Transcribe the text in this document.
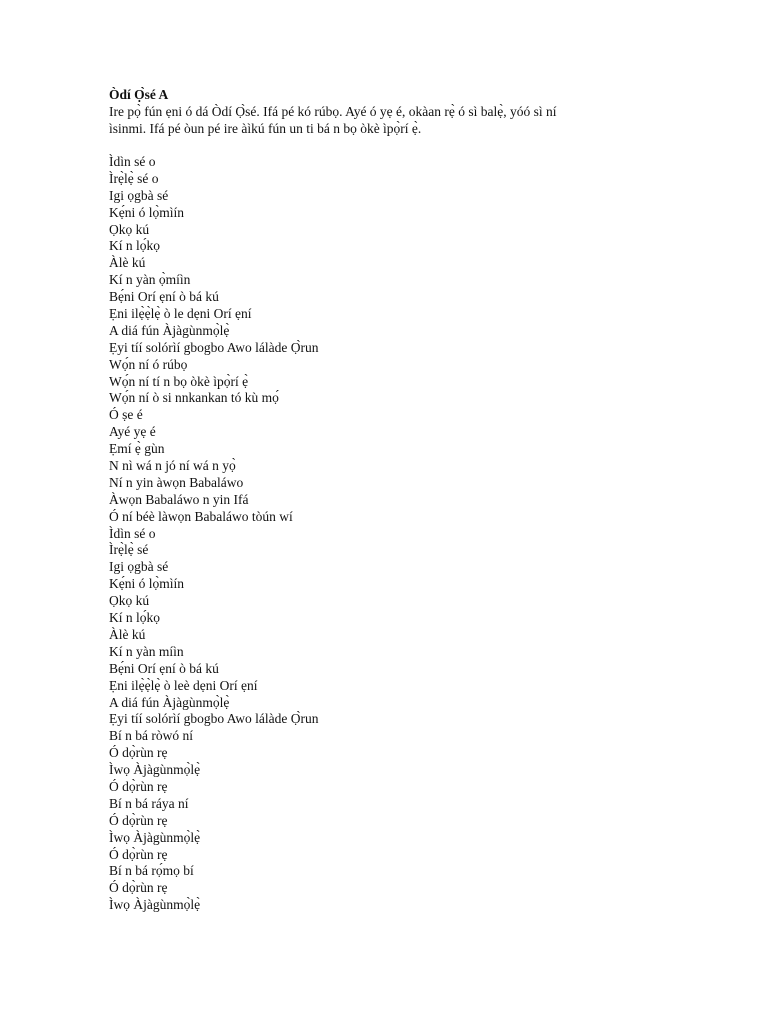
Òdí Ọ̀sé A
Ire pọ̀ fún ẹni ó dá Òdí Ọ̀sé. Ifá pé kó rúbọ. Ayé ó yẹ é, okàan rẹ̀ ó sì balẹ̀, yóó sì ní
ìsinmi. Ifá pé òun pé ire àìkú fún un ti bá n bọ òkè ìpọ̀rí ẹ̀.
Ìdìn sé o
Ìrẹ̀lẹ̀ sé o
Igi ọgbà sé
Kẹ́ni ó lọ̀mìín
Ọkọ kú
Kí n lọ́kọ
Àlè kú
Kí n yàn ọ̀míìn
Bẹ́ni Orí ẹní ò bá kú
Ẹni ilẹ̀ẹ̀lẹ̀ ò le dẹni Orí ẹní
A diá fún Àjàgùnmọ̀lẹ̀
Ẹyi tíí solórìí gbogbo Awo lálàde Ọ̀run
Wọ́n ní ó rúbọ
Wọ́n ní tí n bọ òkè ìpọ̀rí ẹ̀
Wọ́n ní ò si nnkankan tó kù mọ́
Ó ṣe é
Ayé yẹ é
Ẹmí ẹ̀ gùn
N nì wá n jó ní wá n yọ̀
Ní n yin àwọn Babaláwo
Àwọn Babaláwo n yin Ifá
Ó ní béè làwọn Babaláwo tòún wí
Ìdìn sé o
Ìrẹ̀lẹ̀ sé
Igi ọgbà sé
Kẹ́ni ó lọ̀mìín
Ọkọ kú
Kí n lọ́kọ
Àlè kú
Kí n yàn míìn
Bẹ́ni Orí ẹní ò bá kú
Ẹni ilẹ̀ẹ̀lẹ̀ ò leè dẹni Orí ẹní
A diá fún Àjàgùnmọ̀lẹ̀
Ẹyi tíí solórìí gbogbo Awo lálàde Ọ̀run
Bí n bá ròwó ní
Ó dọ̀rùn rẹ
Ìwọ Àjàgùnmọ̀lẹ̀
Ó dọ̀rùn rẹ
Bí n bá ráya ní
Ó dọ̀rùn rẹ
Ìwọ Àjàgùnmọ̀lẹ̀
Ó dọ̀rùn rẹ
Bí n bá rọ́mọ bí
Ó dọ̀rùn rẹ
Ìwọ Àjàgùnmọ̀lẹ̀
